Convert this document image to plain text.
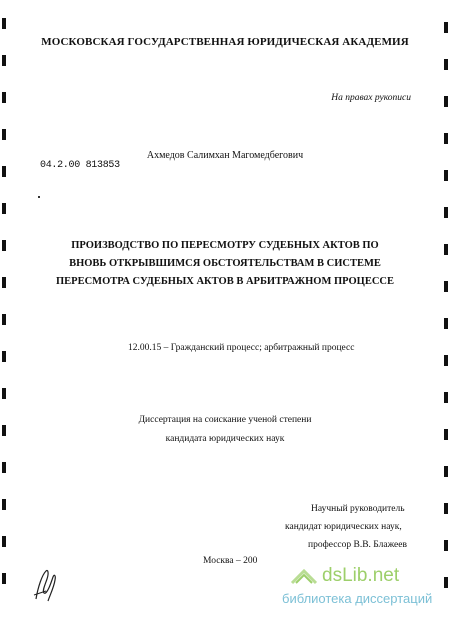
МОСКОВСКАЯ ГОСУДАРСТВЕННАЯ ЮРИДИЧЕСКАЯ АКАДЕМИЯ
На правах рукописи
Ахмедов Салимхан Магомедбегович
04.2.00 813853
ПРОИЗВОДСТВО ПО ПЕРЕСМОТРУ СУДЕБНЫХ АКТОВ ПО
ВНОВЬ ОТКРЫВШИМСЯ ОБСТОЯТЕЛЬСТВАМ В СИСТЕМЕ
ПЕРЕСМОТРА СУДЕБНЫХ АКТОВ В АРБИТРАЖНОМ ПРОЦЕССЕ
12.00.15 – Гражданский процесс; арбитражный процесс
Диссертация на соискание ученой степени
кандидата юридических наук
Научный руководитель
кандидат юридических наук,
профессор В.В. Блажеев
Москва – 200
dsLib.net
библиотека диссертаций
